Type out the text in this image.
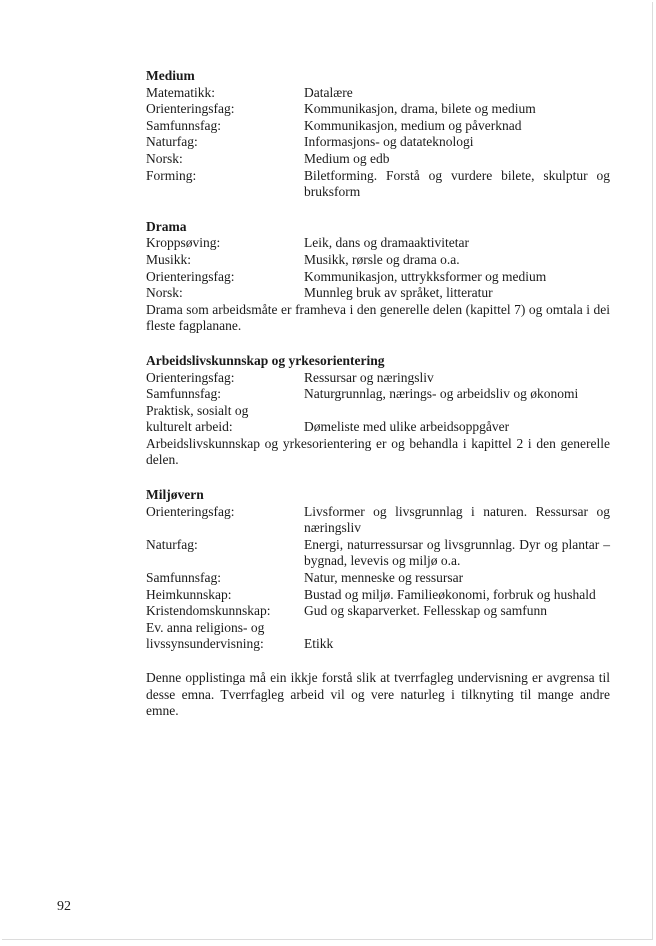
Medium
Matematikk:	Datalære
Orienteringsfag:	Kommunikasjon, drama, bilete og medium
Samfunnsfag:	Kommunikasjon, medium og påverknad
Naturfag:	Informasjons- og datateknologi
Norsk:	Medium og edb
Forming:	Biletforming. Forstå og vurdere bilete, skulptur og bruksform
Drama
Kroppsøving:	Leik, dans og dramaaktivitetar
Musikk:	Musikk, rørsle og drama o.a.
Orienteringsfag:	Kommunikasjon, uttrykksformer og medium
Norsk:	Munnleg bruk av språket, litteratur
Drama som arbeidsmåte er framheva i den generelle delen (kapittel 7) og omtala i dei fleste fagplanane.
Arbeidslivskunnskap og yrkesorientering
Orienteringsfag:	Ressursar og næringsliv
Samfunnsfag:	Naturgrunnlag, nærings- og arbeidsliv og økonomi
Praktisk, sosialt og
kulturelt arbeid:	Dømeliste med ulike arbeidsoppgåver
Arbeidslivskunnskap og yrkesorientering er og behandla i kapittel 2 i den generelle delen.
Miljøvern
Orienteringsfag:	Livsformer og livsgrunnlag i naturen. Ressursar og næringsliv
Naturfag:	Energi, naturressursar og livsgrunnlag. Dyr og plantar – bygnad, levevis og miljø o.a.
Samfunnsfag:	Natur, menneske og ressursar
Heimkunnskap:	Bustad og miljø. Familieøkonomi, forbruk og hushald
Kristendomskunnskap:	Gud og skaparverket. Fellesskap og samfunn
Ev. anna religions- og
livssynsundervisning:	Etikk
Denne opplistinga må ein ikkje forstå slik at tverrfagleg undervisning er avgrensa til desse emna. Tverrfagleg arbeid vil og vere naturleg i tilknyting til mange andre emne.
92
